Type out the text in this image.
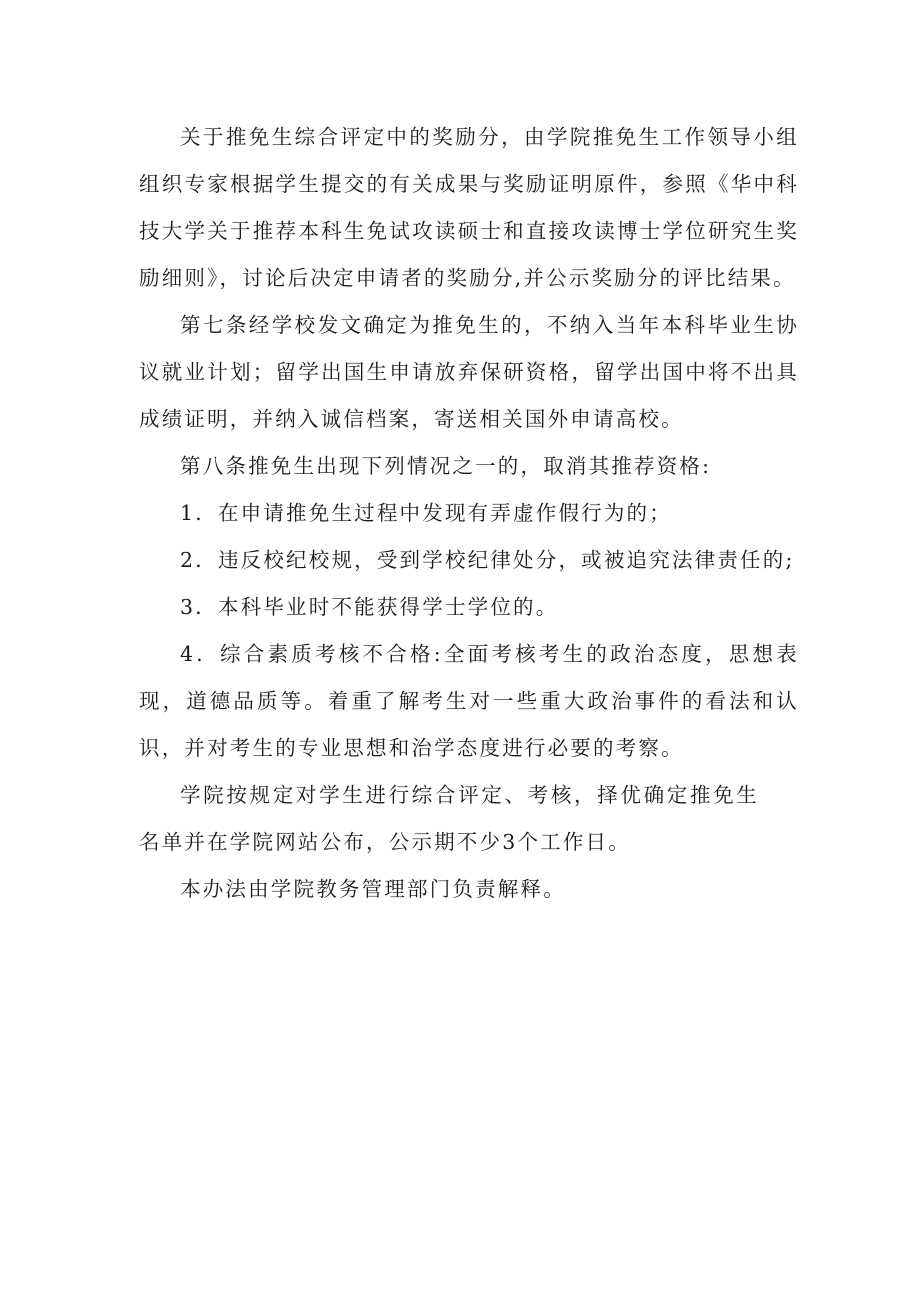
关于推免生综合评定中的奖励分，由学院推免生工作领导小组组织专家根据学生提交的有关成果与奖励证明原件，参照《华中科技大学关于推荐本科生免试攻读硕士和直接攻读博士学位研究生奖励细则》，讨论后决定申请者的奖励分,并公示奖励分的评比结果。

第七条经学校发文确定为推免生的，不纳入当年本科毕业生协议就业计划；留学出国生申请放弃保研资格，留学出国中将不出具成绩证明，并纳入诚信档案，寄送相关国外申请高校。

第八条推免生出现下列情况之一的，取消其推荐资格:

1．在申请推免生过程中发现有弄虚作假行为的；

2．违反校纪校规，受到学校纪律处分，或被追究法律责任的;

3．本科毕业时不能获得学士学位的。

4．综合素质考核不合格:全面考核考生的政治态度，思想表现，道德品质等。着重了解考生对一些重大政治事件的看法和认识，并对考生的专业思想和治学态度进行必要的考察。

学院按规定对学生进行综合评定、考核，择优确定推免生名单并在学院网站公布，公示期不少3个工作日。

本办法由学院教务管理部门负责解释。
